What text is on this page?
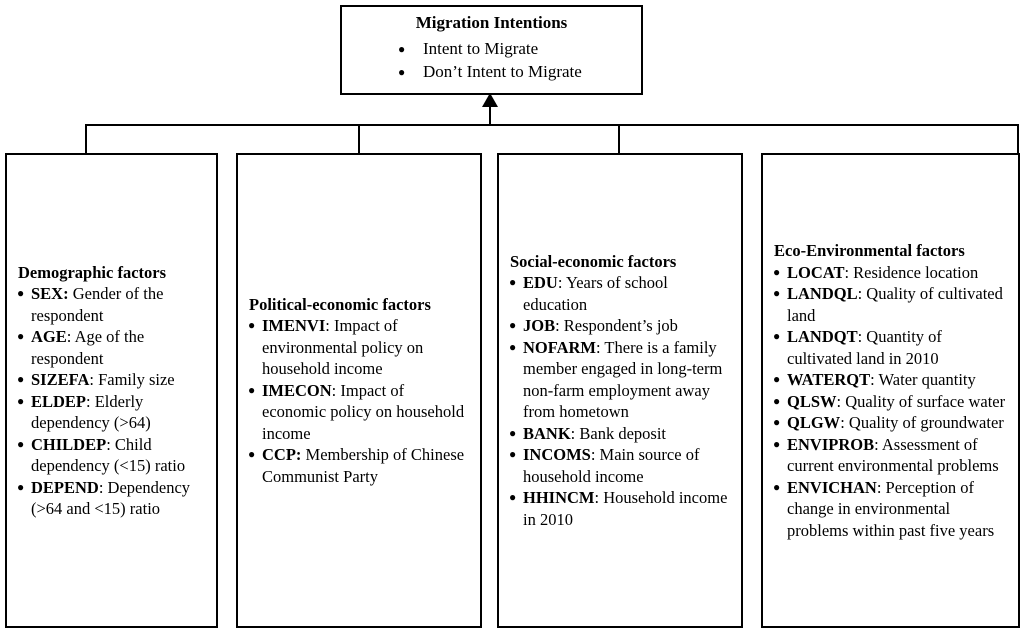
Migration Intentions
● Intent to Migrate
● Don’t Intent to Migrate
Demographic factors
● SEX: Gender of the respondent
● AGE: Age of the respondent
● SIZEFA: Family size
● ELDEP: Elderly dependency (>64)
● CHILDEP: Child dependency (<15) ratio
● DEPEND: Dependency (>64 and <15) ratio
Political-economic factors
● IMENVI: Impact of environmental policy on household income
● IMECON: Impact of economic policy on household income
● CCP: Membership of Chinese Communist Party
Social-economic factors
● EDU: Years of school education
● JOB: Respondent’s job
● NOFARM: There is a family member engaged in long-term non-farm employment away from hometown
● BANK: Bank deposit
● INCOMS: Main source of household income
● HHINCM: Household income in 2010
Eco-Environmental factors
● LOCAT: Residence location
● LANDQL: Quality of cultivated land
● LANDQT: Quantity of cultivated land in 2010
● WATERQT: Water quantity
● QLSW: Quality of surface water
● QLGW: Quality of groundwater
● ENVIPROB: Assessment of current environmental problems
● ENVICHAN: Perception of change in environmental problems within past five years
